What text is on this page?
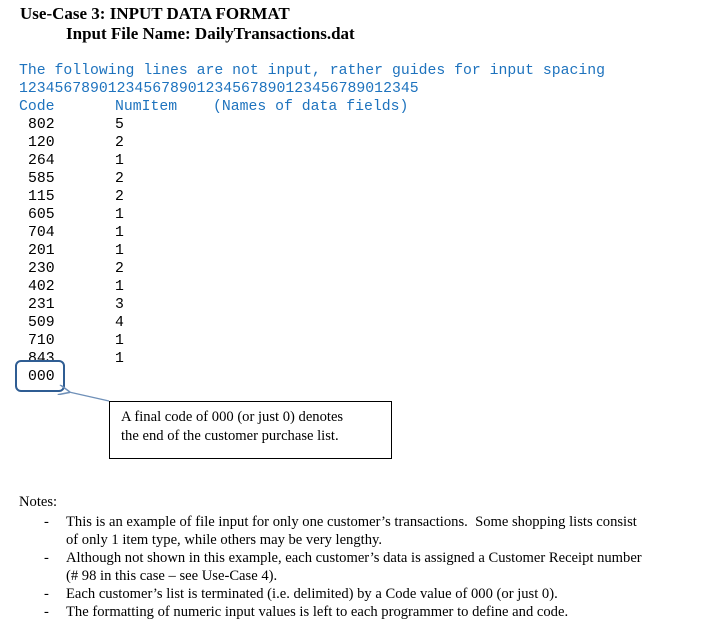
Use-Case 3: INPUT DATA FORMAT
Input File Name: DailyTransactions.dat
The following lines are not input, rather guides for input spacing
123456789012345678901234567890123456789012345
Code	NumItem (Names of data fields)
802	5
120	2
264	1
585	2
115	2
605	1
704	1
201	1
230	2
402	1
231	3
509	4
710	1
843	1
000
A final code of 000 (or just 0) denotes
the end of the customer purchase list.
Notes:
- This is an example of file input for only one customer’s transactions.  Some shopping lists consist
of only 1 item type, while others may be very lengthy.
- Although not shown in this example, each customer’s data is assigned a Customer Receipt number
(# 98 in this case – see Use-Case 4).
- Each customer’s list is terminated (i.e. delimited) by a Code value of 000 (or just 0).
- The formatting of numeric input values is left to each programmer to define and code.
